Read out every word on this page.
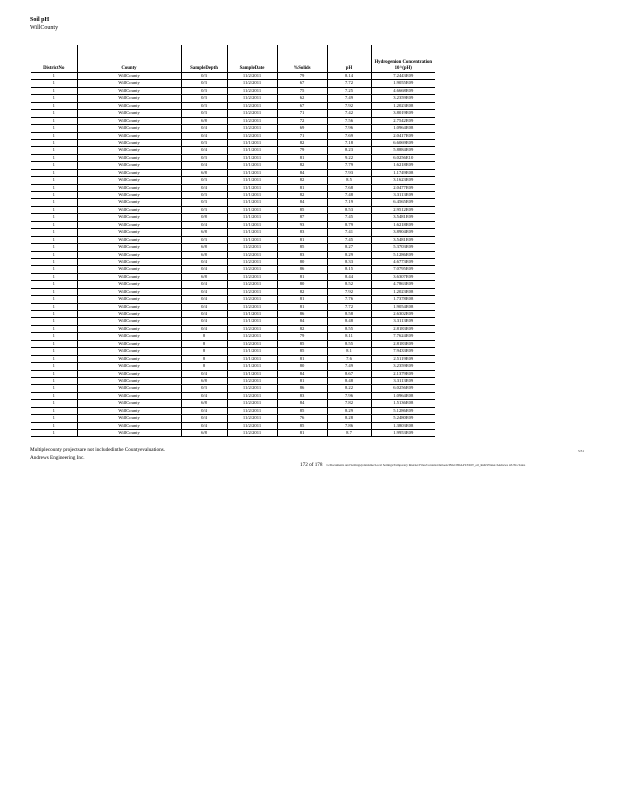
Soil pH
WillCounty
DistrictNo	County	SampleDepth	SampleDate	%Solids	pH	Hydrogenion Concentration 10^(pH)
1	WillCounty	0/3	11/2/2011	79	8.14	7.2443E09
1	WillCounty	0/3	11/2/2011	67	7.72	1.9055E09
1	WillCounty	0/3	11/2/2011	75	7.25	4.6668E09
1	WillCounty	0/3	11/2/2011	62	7.49	3.2359E09
1	WillCounty	0/3	11/2/2011	67	7.92	1.2023E08
1	WillCounty	0/3	11/2/2011	71	7.42	3.8019E09
1	WillCounty	6/8	11/2/2011	72	7.56	2.7542E09
1	WillCounty	0/4	11/2/2011	69	7.96	1.0964E08
1	WillCounty	0/4	11/2/2011	71	7.69	2.0417E09
1	WillCounty	0/3	11/1/2011	82	7.18	6.6069E09
1	WillCounty	0/4	11/1/2011	79	8.23	5.8884E09
1	WillCounty	0/3	11/1/2011	81	9.22	6.0256E10
1	WillCounty	0/4	11/1/2011	82	7.79	1.6218E09
1	WillCounty	6/8	11/1/2011	84	7.93	1.1749E08
1	WillCounty	0/3	11/1/2011	82	8.5	3.1623E09
1	WillCounty	0/4	11/1/2011	81	7.68	2.0477E09
1	WillCounty	0/3	11/1/2011	82	7.48	3.3113E09
1	WillCounty	0/3	11/1/2011	84	7.19	6.4565E09
1	WillCounty	0/3	11/1/2011	85	8.53	2.9512E09
1	WillCounty	0/8	11/1/2011	87	7.45	3.5481E09
1	WillCounty	0/4	11/1/2011	93	8.79	1.6218E09
1	WillCounty	6/8	11/1/2011	83	7.41	3.8904E09
1	WillCounty	0/3	11/1/2011	81	7.45	3.5481E09
1	WillCounty	6/8	11/2/2011	85	8.27	5.3703E09
1	WillCounty	6/8	11/2/2011	83	8.29	5.1286E09
1	WillCounty	0/4	11/2/2011	80	8.33	4.6773E09
1	WillCounty	0/4	11/2/2011	86	8.15	7.0795E09
1	WillCounty	6/8	11/2/2011	81	8.44	3.6307E09
1	WillCounty	0/4	11/2/2011	80	8.52	4.7863E09
1	WillCounty	0/4	11/2/2011	82	7.92	1.2023E08
1	WillCounty	0/4	11/2/2011	81	7.76	1.7378E08
1	WillCounty	0/4	11/2/2011	81	7.72	1.9054E08
1	WillCounty	0/4	11/1/2011	86	8.58	2.6302E09
1	WillCounty	0/4	11/1/2011	84	8.48	3.3113E09
1	WillCounty	0/4	11/2/2011	82	8.55	2.8183E09
1	WillCounty	8	11/2/2011	79	8.11	7.7624E09
1	WillCounty	8	11/2/2011	85	8.55	2.8183E09
1	WillCounty	8	11/1/2011	85	8.1	7.9433E09
1	WillCounty	8	11/1/2011	81	7.6	2.5119E09
1	WillCounty	8	11/1/2011	80	7.49	3.2359E09
1	WillCounty	0/4	11/1/2011	84	8.67	2.1379E09
1	WillCounty	6/8	11/2/2011	81	8.48	3.3113E09
1	WillCounty	0/3	11/2/2011	86	8.22	6.0256E09
1	WillCounty	0/4	11/2/2011	83	7.96	1.0964E08
1	WillCounty	6/8	11/2/2011	84	7.82	1.5136E08
1	WillCounty	0/4	11/2/2011	85	8.29	5.1286E09
1	WillCounty	0/4	11/2/2011	76	8.28	5.2480E09
1	WillCounty	0/4	11/2/2011	85	7.86	1.3803E08
1	WillCounty	6/8	11/2/2011	81	8.7	1.9953E09
Multiplecounty projectsare not includedinthe Countyevaluations.
Andrews Engineering Inc.
5/31
172 of 178 G:Documents and Settings/pdanisme/Local Settings/Temporary Internet Files/Content.Outlook/INGC8DA4Y/DOT_oil_ReKSWater/Andrews 4/USG Sales
